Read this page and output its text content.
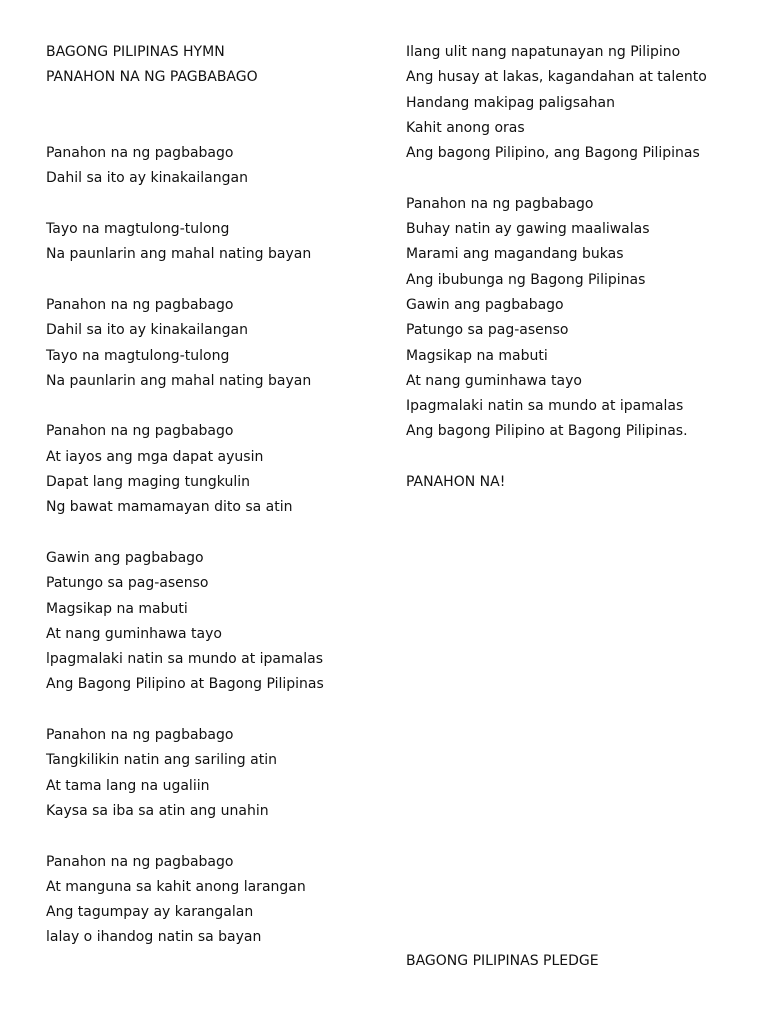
BAGONG PILIPINAS HYMN
PANAHON NA NG PAGBABAGO
Panahon na ng pagbabago
Dahil sa ito ay kinakailangan
Tayo na magtulong-tulong
Na paunlarin ang mahal nating bayan
Panahon na ng pagbabago
Dahil sa ito ay kinakailangan
Tayo na magtulong-tulong
Na paunlarin ang mahal nating bayan
Panahon na ng pagbabago
At iayos ang mga dapat ayusin
Dapat lang maging tungkulin
Ng bawat mamamayan dito sa atin
Gawin ang pagbabago
Patungo sa pag-asenso
Magsikap na mabuti
At nang guminhawa tayo
lpagmalaki natin sa mundo at ipamalas
Ang Bagong Pilipino at Bagong Pilipinas
Panahon na ng pagbabago
Tangkilikin natin ang sariling atin
At tama lang na ugaliin
Kaysa sa iba sa atin ang unahin
Panahon na ng pagbabago
At manguna sa kahit anong larangan
Ang tagumpay ay karangalan
lalay o ihandog natin sa bayan
Ilang ulit nang napatunayan ng Pilipino
Ang husay at lakas, kagandahan at talento
Handang makipag paligsahan
Kahit anong oras
Ang bagong Pilipino, ang Bagong Pilipinas
Panahon na ng pagbabago
Buhay natin ay gawing maaliwalas
Marami ang magandang bukas
Ang ibubunga ng Bagong Pilipinas
Gawin ang pagbabago
Patungo sa pag-asenso
Magsikap na mabuti
At nang guminhawa tayo
Ipagmalaki natin sa mundo at ipamalas
Ang bagong Pilipino at Bagong Pilipinas.
PANAHON NA!
BAGONG PILIPINAS PLEDGE
